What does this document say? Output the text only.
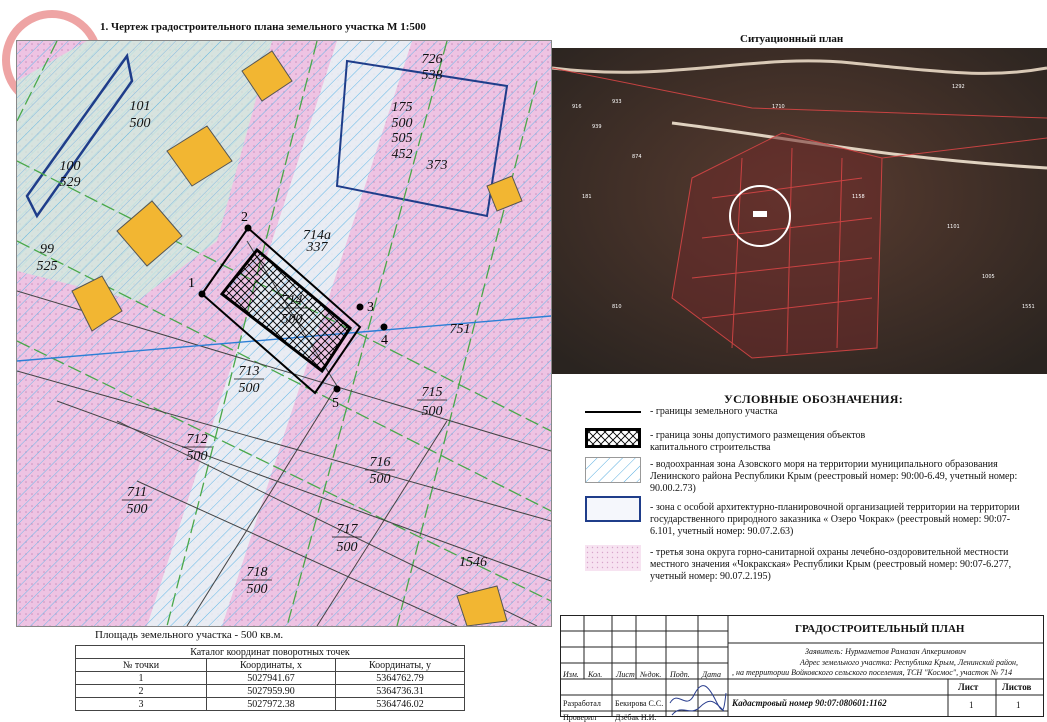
1. Чертеж градостроительного плана земельного участка М 1:500
714
500
714а
337
713
500
712
500
711
500
715
500
716
500
717
500
718
500
175
500
505
452
101
500
100
529
99
525
751
726
538
1546
373
1
2
3
4
5
Ситуационный план
916
939
933
874
181
810
1101
1005
1551
1158
1292
1710
УСЛОВНЫЕ ОБОЗНАЧЕНИЯ:
- границы земельного участка
- граница зоны допустимого размещения объектов капитального строительства
- водоохранная зона Азовского моря на территории муниципального образования Ленинского района Республики Крым (реестровый номер: 90:00-6.49, учетный номер: 90.00.2.73)
- зона с особой архитектурно-планировочной организацией территории на территории государственного природного заказника « Озеро Чокрак» (реестровый номер: 90:07-6.101, учетный номер: 90.07.2.63)
- третья зона округа горно-санитарной охраны лечебно-оздоровительной местности местного значения «Чокракская» Республики Крым (реестровый номер: 90:07-6.277, учетный номер: 90.07.2.195)
Площадь земельного участка - 500 кв.м.
Каталог координат поворотных точек		
№ точки	Координаты, x	Координаты, у
1	5027941.67	5364762.79
2	5027959.90	5364736.31
3	5027972.38	5364746.02
ГРАДОСТРОИТЕЛЬНЫЙ ПЛАН
Заявитель: Нурмаметов Рамазан Апкеримович
Адрес земельного участка: Республика Крым, Ленинский район,
, на территории Войковского сельского поселения, ТСН "Космос", участок № 714
Изм. Кол. Лист №док. Подп. Дата
Разработал Бекирова С.С.
Проверил Дзёбак Н.И.
Кадастровый номер 90:07:080601:1162
Лист	Листов
1	1
